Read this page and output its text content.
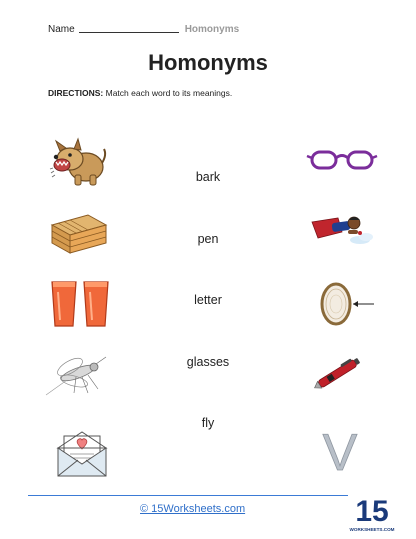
Name	Homonyms
Homonyms
DIRECTIONS: Match each word to its meanings.
bark
pen
letter
glasses
fly
V
© 15Worksheets.com	15
WORKSHEETS.COM
